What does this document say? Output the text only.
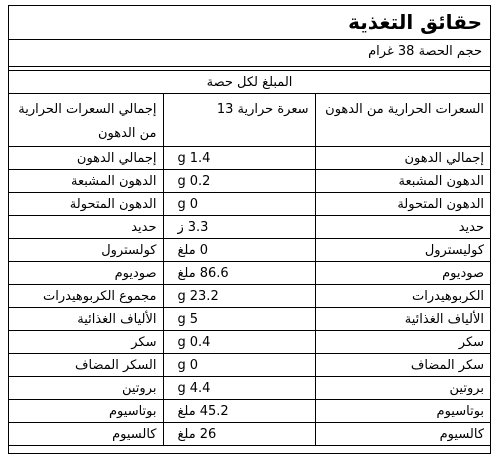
حقائق التغذية
حجم الحصة 38 غرام
المبلغ لكل حصة		
إجمالي السعرات الحرارية من الدهون	سعرة حرارية 13	السعرات الحرارية من الدهون
إجمالي الدهون	g 1.4	إجمالي الدهون
الدهون المشبعة	g 0.2	الدهون المشبعة
الدهون المتحولة	g 0	الدهون المتحولة
حديد	ز 3.3	حديد
كولسترول	ملغ 0	كوليسترول
صوديوم	ملغ 86.6	صوديوم
مجموع الكربوهيدرات	g 23.2	الكربوهيدرات
الألياف الغذائية	g 5	الألياف الغذائية
سكر	g 0.4	سكر
السكر المضاف	g 0	سكر المضاف
بروتين	g 4.4	بروتين
بوتاسيوم	ملغ 45.2	بوتاسيوم
كالسيوم	ملغ 26	كالسيوم
